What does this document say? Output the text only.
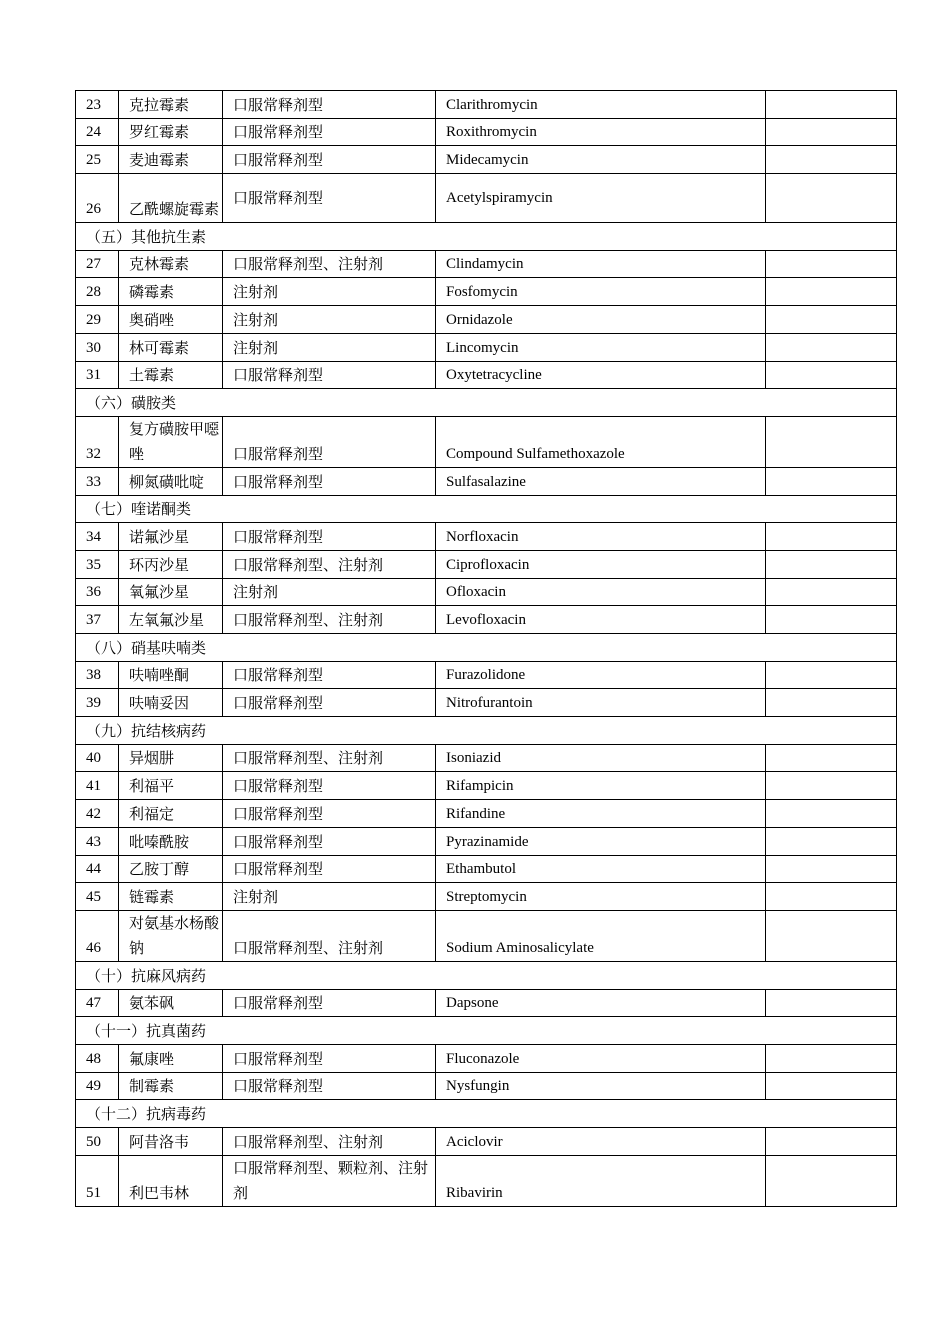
23	克拉霉素	口服常释剂型	Clarithromycin	
24	罗红霉素	口服常释剂型	Roxithromycin	
25	麦迪霉素	口服常释剂型	Midecamycin	
26	乙酰螺旋霉素	口服常释剂型	Acetylspiramycin	
（五）其他抗生素				
27	克林霉素	口服常释剂型、注射剂	Clindamycin	
28	磷霉素	注射剂	Fosfomycin	
29	奥硝唑	注射剂	Ornidazole	
30	林可霉素	注射剂	Lincomycin	
31	土霉素	口服常释剂型	Oxytetracycline	
（六）磺胺类				
32	复方磺胺甲噁唑	口服常释剂型	Compound Sulfamethoxazole	
33	柳氮磺吡啶	口服常释剂型	Sulfasalazine	
（七）喹诺酮类				
34	诺氟沙星	口服常释剂型	Norfloxacin	
35	环丙沙星	口服常释剂型、注射剂	Ciprofloxacin	
36	氧氟沙星	注射剂	Ofloxacin	
37	左氧氟沙星	口服常释剂型、注射剂	Levofloxacin	
（八）硝基呋喃类				
38	呋喃唑酮	口服常释剂型	Furazolidone	
39	呋喃妥因	口服常释剂型	Nitrofurantoin	
（九）抗结核病药				
40	异烟肼	口服常释剂型、注射剂	Isoniazid	
41	利福平	口服常释剂型	Rifampicin	
42	利福定	口服常释剂型	Rifandine	
43	吡嗪酰胺	口服常释剂型	Pyrazinamide	
44	乙胺丁醇	口服常释剂型	Ethambutol	
45	链霉素	注射剂	Streptomycin	
46	对氨基水杨酸钠	口服常释剂型、注射剂	Sodium Aminosalicylate	
（十）抗麻风病药				
47	氨苯砜	口服常释剂型	Dapsone	
（十一）抗真菌药				
48	氟康唑	口服常释剂型	Fluconazole	
49	制霉素	口服常释剂型	Nysfungin	
（十二）抗病毒药				
50	阿昔洛韦	口服常释剂型、注射剂	Aciclovir	
51	利巴韦林	口服常释剂型、颗粒剂、注射剂	Ribavirin	
